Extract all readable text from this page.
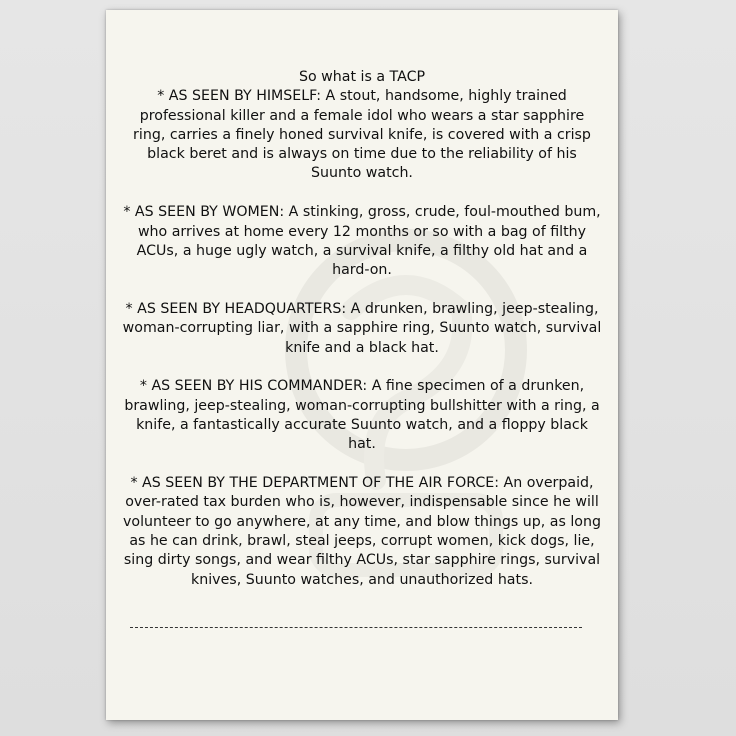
So what is a TACP
* AS SEEN BY HIMSELF: A stout, handsome, highly trained professional killer and a female idol who wears a star sapphire ring, carries a finely honed survival knife, is covered with a crisp black beret and is always on time due to the reliability of his Suunto watch.

* AS SEEN BY WOMEN: A stinking, gross, crude, foul-mouthed bum, who arrives at home every 12 months or so with a bag of filthy ACUs, a huge ugly watch, a survival knife, a filthy old hat and a hard-on.

* AS SEEN BY HEADQUARTERS: A drunken, brawling, jeep-stealing, woman-corrupting liar, with a sapphire ring, Suunto watch, survival knife and a black hat.

* AS SEEN BY HIS COMMANDER: A fine specimen of a drunken, brawling, jeep-stealing, woman-corrupting bullshitter with a ring, a knife, a fantastically accurate Suunto watch, and a floppy black hat.

* AS SEEN BY THE DEPARTMENT OF THE AIR FORCE: An overpaid, over-rated tax burden who is, however, indispensable since he will volunteer to go anywhere, at any time, and blow things up, as long as he can drink, brawl, steal jeeps, corrupt women, kick dogs, lie, sing dirty songs, and wear filthy ACUs, star sapphire rings, survival knives, Suunto watches, and unauthorized hats.
